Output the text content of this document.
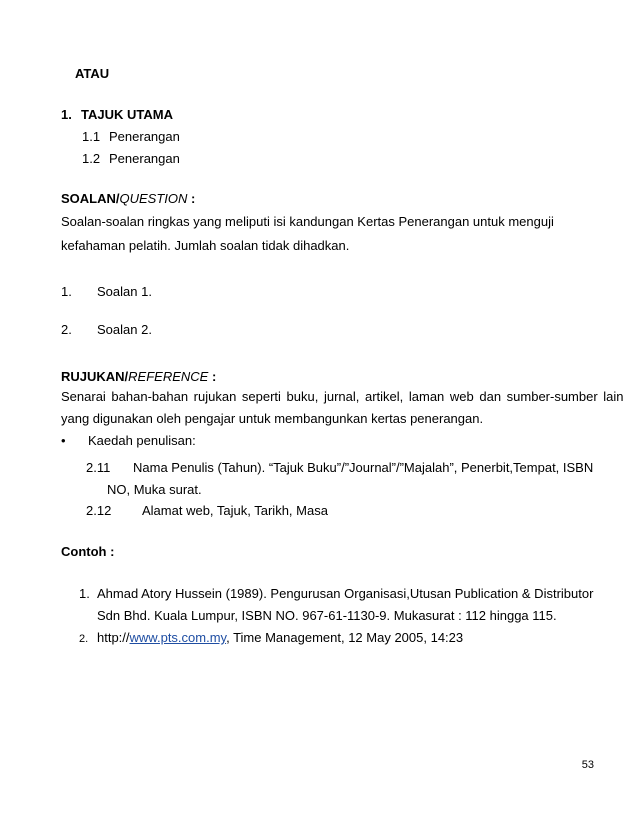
ATAU
1. TAJUK UTAMA
1.1 Penerangan
1.2 Penerangan
SOALAN/QUESTION :
Soalan-soalan ringkas yang meliputi isi kandungan Kertas Penerangan untuk menguji
kefahaman pelatih. Jumlah soalan tidak dihadkan.
1. Soalan 1.
2. Soalan 2.
RUJUKAN/REFERENCE :
Senarai bahan-bahan rujukan seperti buku, jurnal, artikel, laman web dan sumber-sumber lain
yang digunakan oleh pengajar untuk membangunkan kertas penerangan.
• Kaedah penulisan:
2.11 Nama Penulis (Tahun). “Tajuk Buku”/”Journal”/”Majalah”, Penerbit,Tempat, ISBN
NO, Muka surat.
2.12 Alamat web, Tajuk, Tarikh, Masa
Contoh :
1. Ahmad Atory Hussein (1989). Pengurusan Organisasi,Utusan Publication & Distributor
Sdn Bhd. Kuala Lumpur, ISBN NO. 967-61-1130-9. Mukasurat : 112 hingga 115.
2. http://www.pts.com.my, Time Management, 12 May 2005, 14:23
53
